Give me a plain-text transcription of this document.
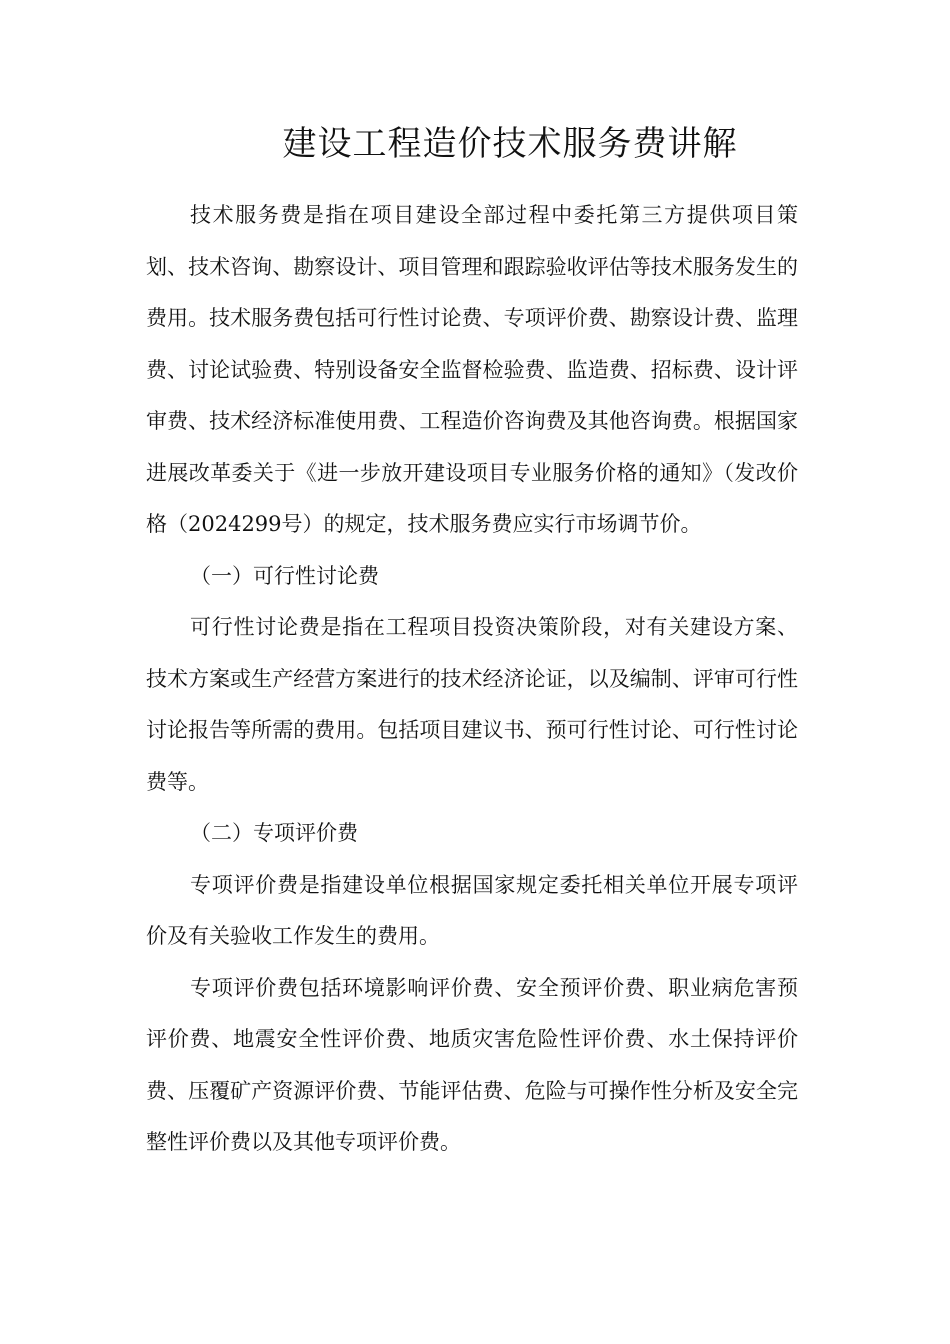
建设工程造价技术服务费讲解

技术服务费是指在项目建设全部过程中委托第三方提供项目策划、技术咨询、勘察设计、项目管理和跟踪验收评估等技术服务发生的费用。技术服务费包括可行性讨论费、专项评价费、勘察设计费、监理费、讨论试验费、特别设备安全监督检验费、监造费、招标费、设计评审费、技术经济标准使用费、工程造价咨询费及其他咨询费。根据国家进展改革委关于《进一步放开建设项目专业服务价格的通知》（发改价格（2024299号）的规定，技术服务费应实行市场调节价。

（一）可行性讨论费

可行性讨论费是指在工程项目投资决策阶段，对有关建设方案、技术方案或生产经营方案进行的技术经济论证，以及编制、评审可行性讨论报告等所需的费用。包括项目建议书、预可行性讨论、可行性讨论费等。

（二）专项评价费

专项评价费是指建设单位根据国家规定委托相关单位开展专项评价及有关验收工作发生的费用。

专项评价费包括环境影响评价费、安全预评价费、职业病危害预评价费、地震安全性评价费、地质灾害危险性评价费、水土保持评价费、压覆矿产资源评价费、节能评估费、危险与可操作性分析及安全完整性评价费以及其他专项评价费。
